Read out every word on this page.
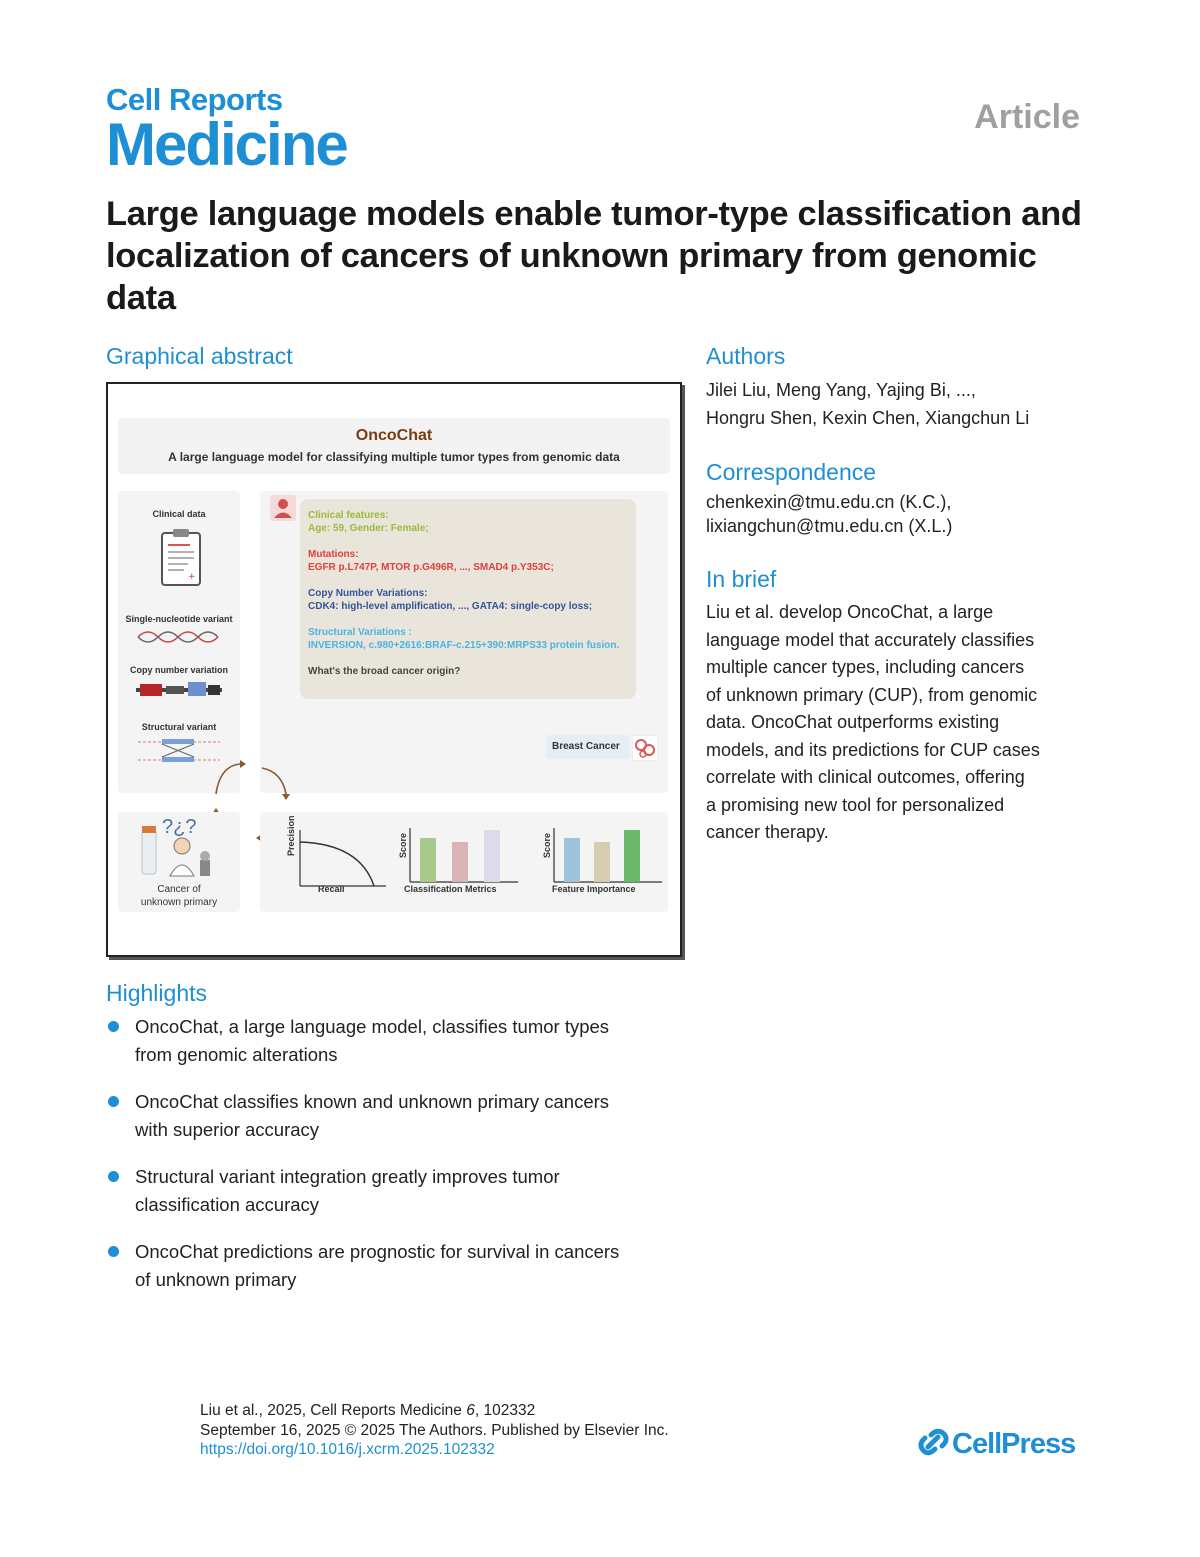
Cell Reports
Medicine	Article
Large language models enable tumor-type classification and localization of cancers of unknown primary from genomic data
Graphical abstract
OncoChat
A large language model for classifying multiple tumor types from genomic data
Clinical data
+
Single-nucleotide variant
Copy number variation
Structural variant

Clinical features:
Age: 59, Gender: Female;

Mutations:
EGFR p.L747P, MTOR p.G496R, ..., SMAD4 p.Y353C;

Copy Number Variations:
CDK4: high-level amplification, ..., GATA4: single-copy loss;

Structural Variations :
INVERSION, c.980+2616:BRAF-c.215+390:MRPS33 protein fusion.

What's the broad cancer origin?

Breast Cancer
?¿?
Cancer of
unknown primary
Precision
Recall
Score
Classification Metrics
Score
Feature Importance
Authors
Jilei Liu, Meng Yang, Yajing Bi, ...,
Hongru Shen, Kexin Chen, Xiangchun Li
Correspondence
chenkexin@tmu.edu.cn (K.C.),
lixiangchun@tmu.edu.cn (X.L.)
In brief
Liu et al. develop OncoChat, a large
language model that accurately classifies
multiple cancer types, including cancers
of unknown primary (CUP), from genomic
data. OncoChat outperforms existing
models, and its predictions for CUP cases
correlate with clinical outcomes, offering
a promising new tool for personalized
cancer therapy.
Highlights
OncoChat, a large language model, classifies tumor types
from genomic alterations
OncoChat classifies known and unknown primary cancers
with superior accuracy
Structural variant integration greatly improves tumor
classification accuracy
OncoChat predictions are prognostic for survival in cancers
of unknown primary
Liu et al., 2025, Cell Reports Medicine 6, 102332
September 16, 2025 © 2025 The Authors. Published by Elsevier Inc.
https://doi.org/10.1016/j.xcrm.2025.102332	CellPress
